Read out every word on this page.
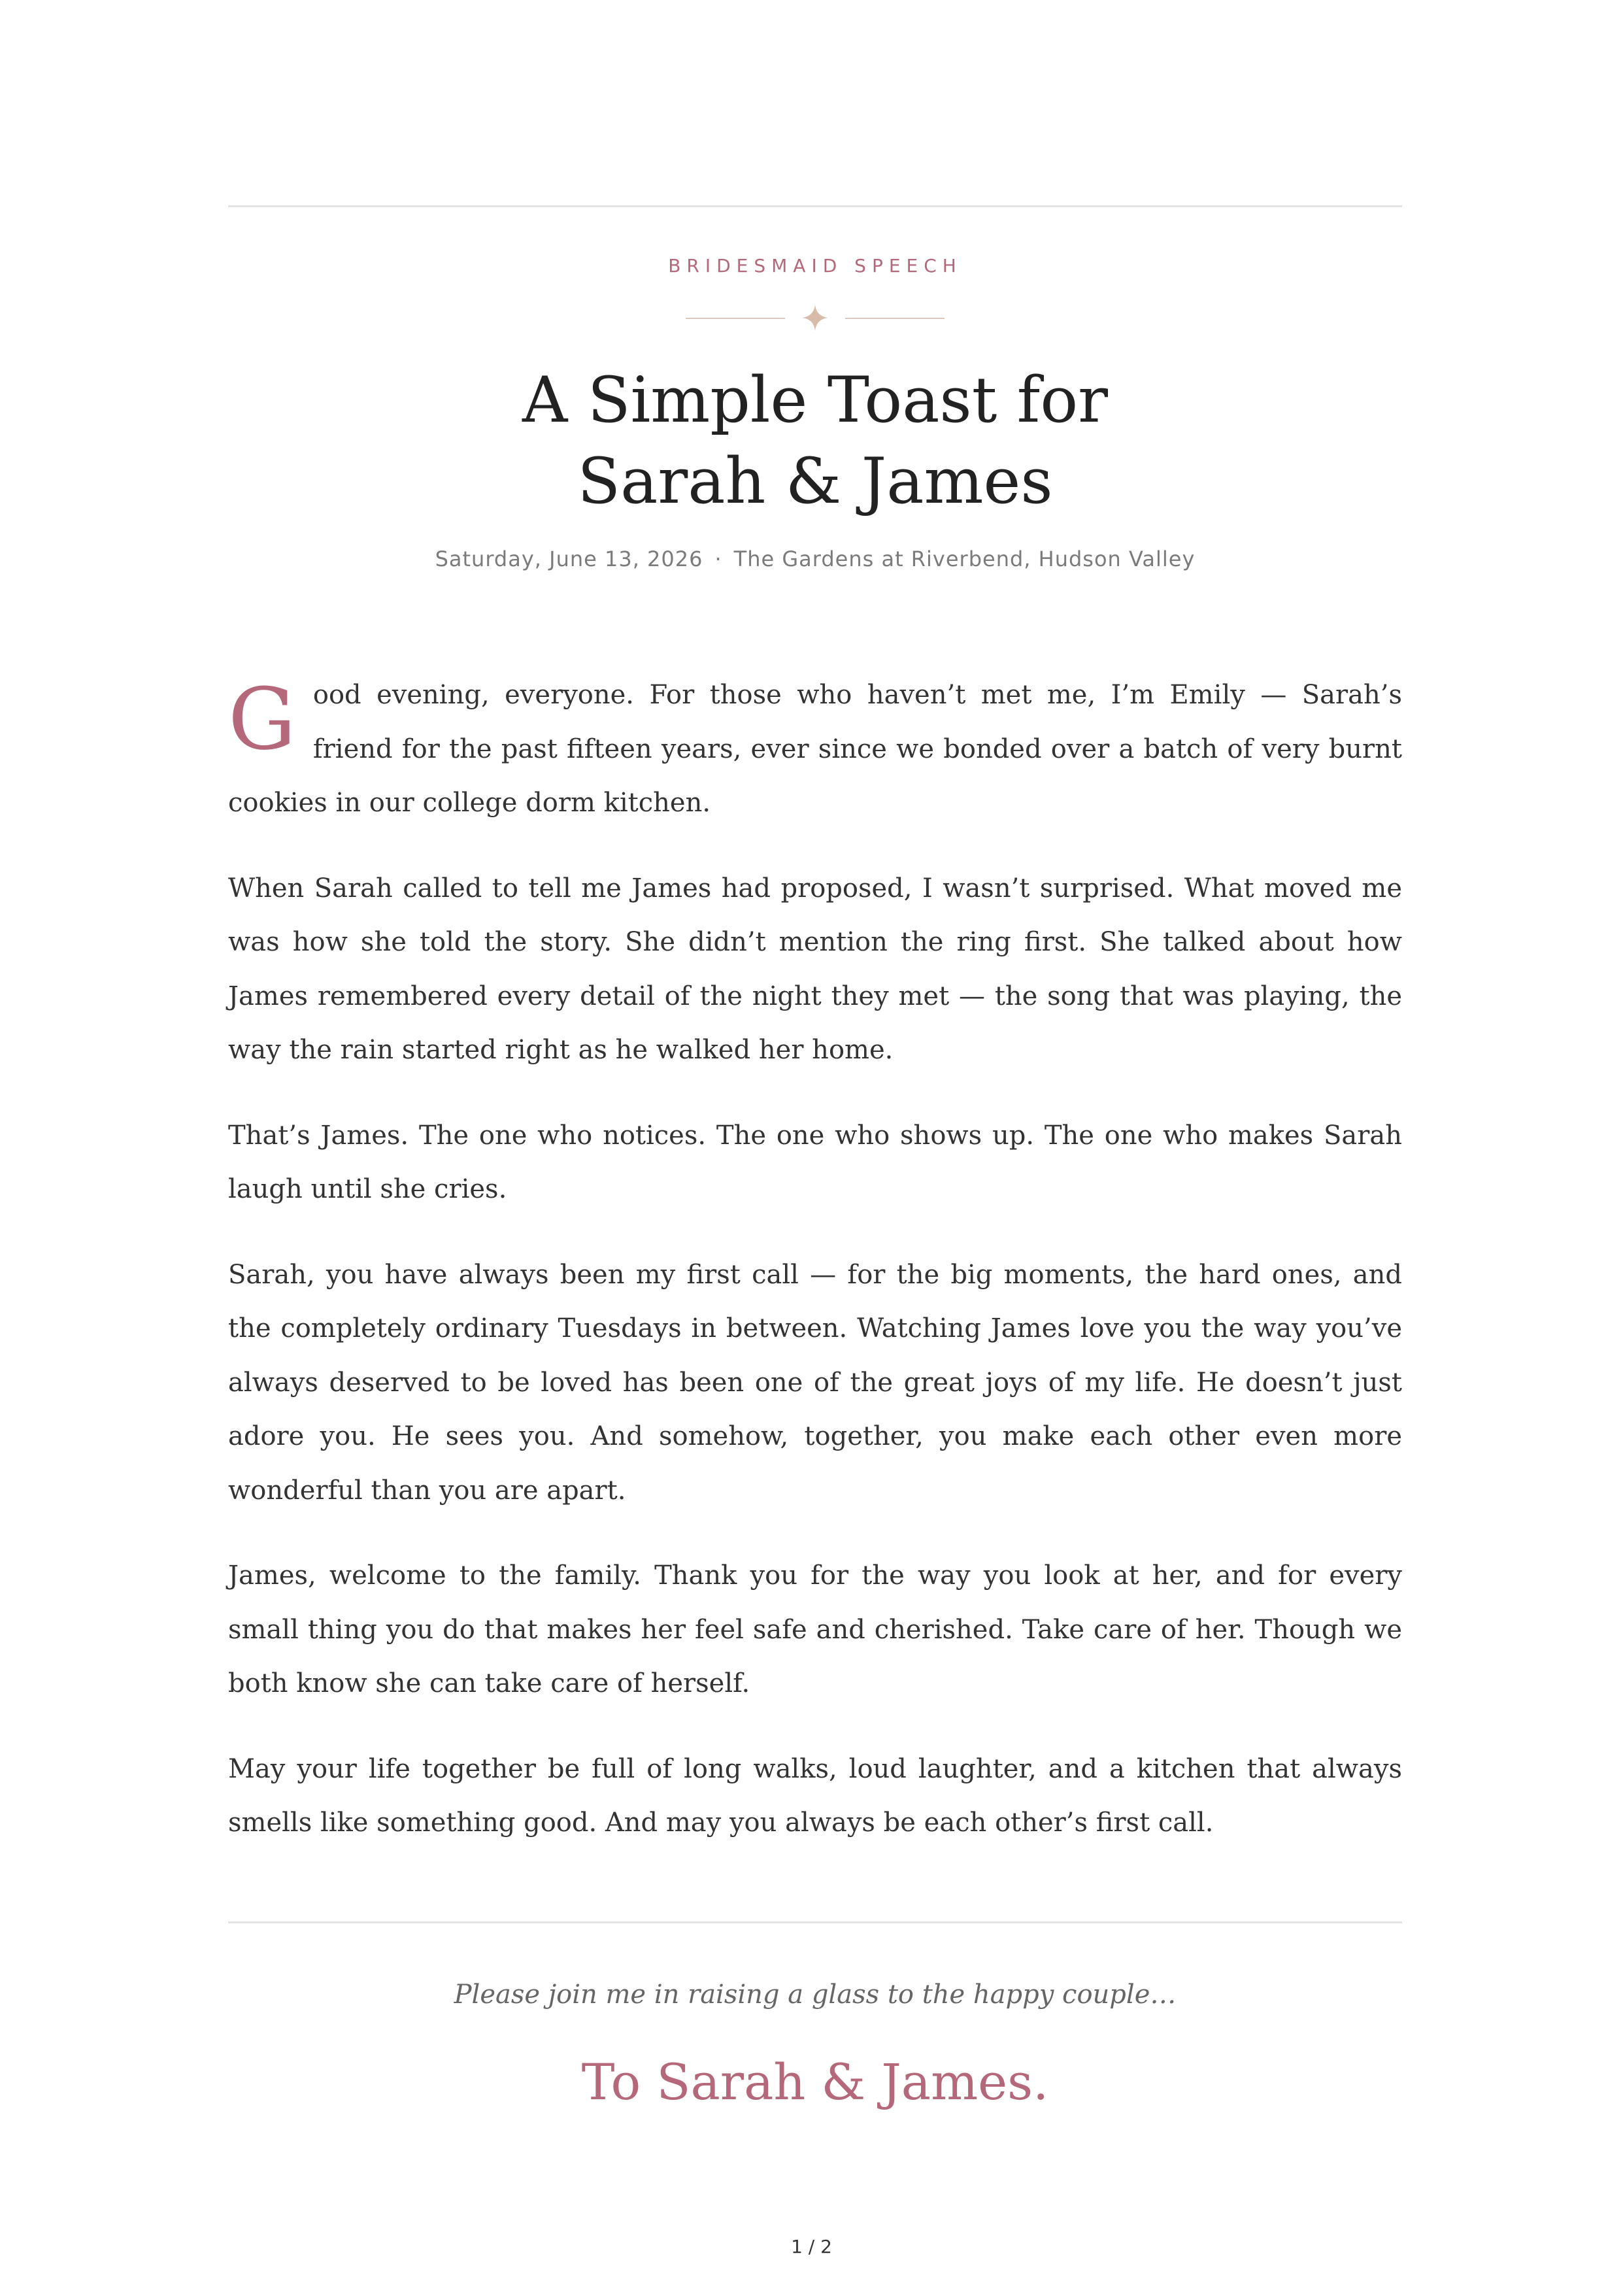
BRIDESMAID SPEECH
A Simple Toast for
Sarah & James
Saturday, June 13, 2026 · The Gardens at Riverbend, Hudson Valley

Good evening, everyone. For those who haven’t met me, I’m Emily — Sarah’s friend for the past fifteen years, ever since we bonded over a batch of very burnt cookies in our college dorm kitchen.

When Sarah called to tell me James had proposed, I wasn’t surprised. What moved me was how she told the story. She didn’t mention the ring first. She talked about how James remembered every detail of the night they met — the song that was playing, the way the rain started right as he walked her home.

That’s James. The one who notices. The one who shows up. The one who makes Sarah laugh until she cries.

Sarah, you have always been my first call — for the big moments, the hard ones, and the completely ordinary Tuesdays in between. Watching James love you the way you’ve always deserved to be loved has been one of the great joys of my life. He doesn’t just adore you. He sees you. And somehow, together, you make each other even more wonderful than you are apart.

James, welcome to the family. Thank you for the way you look at her, and for every small thing you do that makes her feel safe and cherished. Take care of her. Though we both know she can take care of herself.

May your life together be full of long walks, loud laughter, and a kitchen that always smells like something good. And may you always be each other’s first call.

Please join me in raising a glass to the happy couple…
To Sarah & James.
1 / 2
